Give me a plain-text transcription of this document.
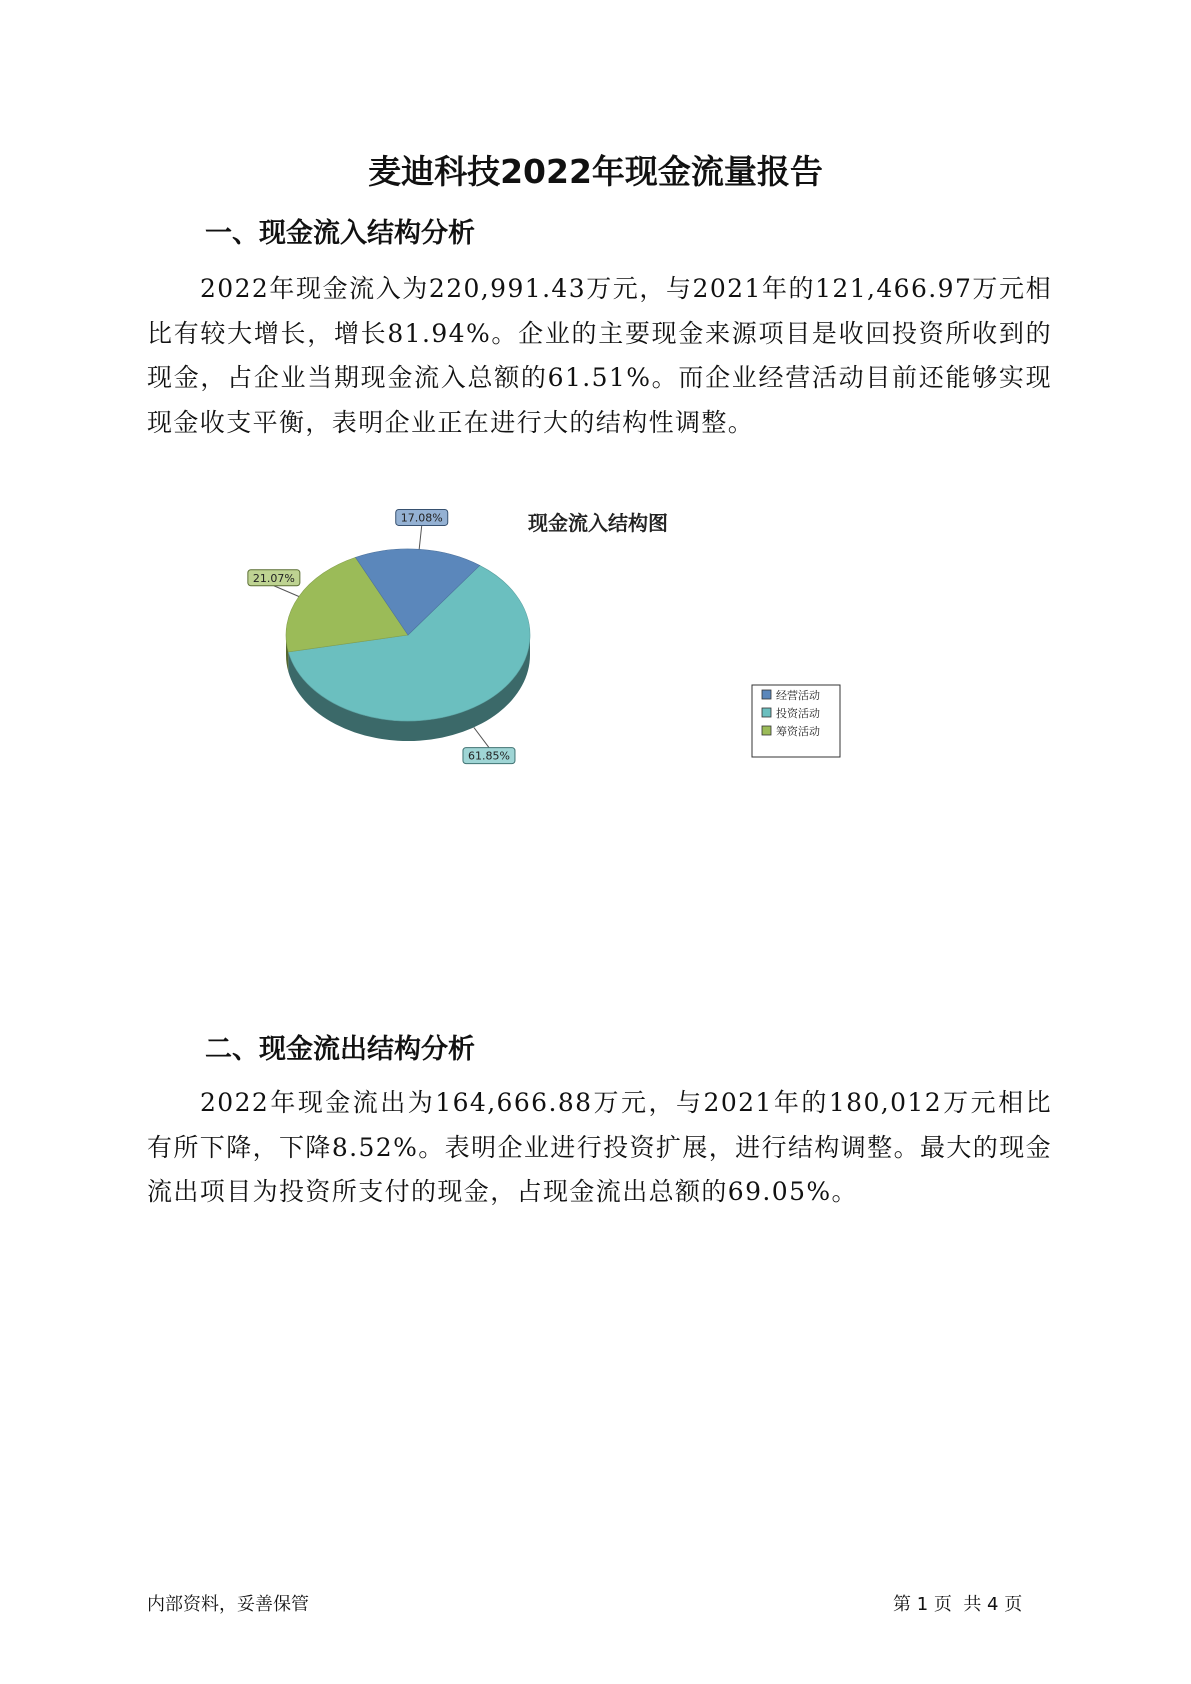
麦迪科技2022年现金流量报告
一、现金流入结构分析
2022年现金流入为220,991.43万元，与2021年的121,466.97万元相比有较大增长，增长81.94%。企业的主要现金来源项目是收回投资所收到的现金，占企业当期现金流入总额的61.51%。而企业经营活动目前还能够实现现金收支平衡，表明企业正在进行大的结构性调整。
现金流入结构图
61.85%
21.07%
17.08%
经营活动
投资活动
筹资活动
二、现金流出结构分析
2022年现金流出为164,666.88万元，与2021年的180,012万元相比有所下降，下降8.52%。表明企业进行投资扩展，进行结构调整。最大的现金流出项目为投资所支付的现金，占现金流出总额的69.05%。
内部资料，妥善保管	第 1 页  共 4 页
